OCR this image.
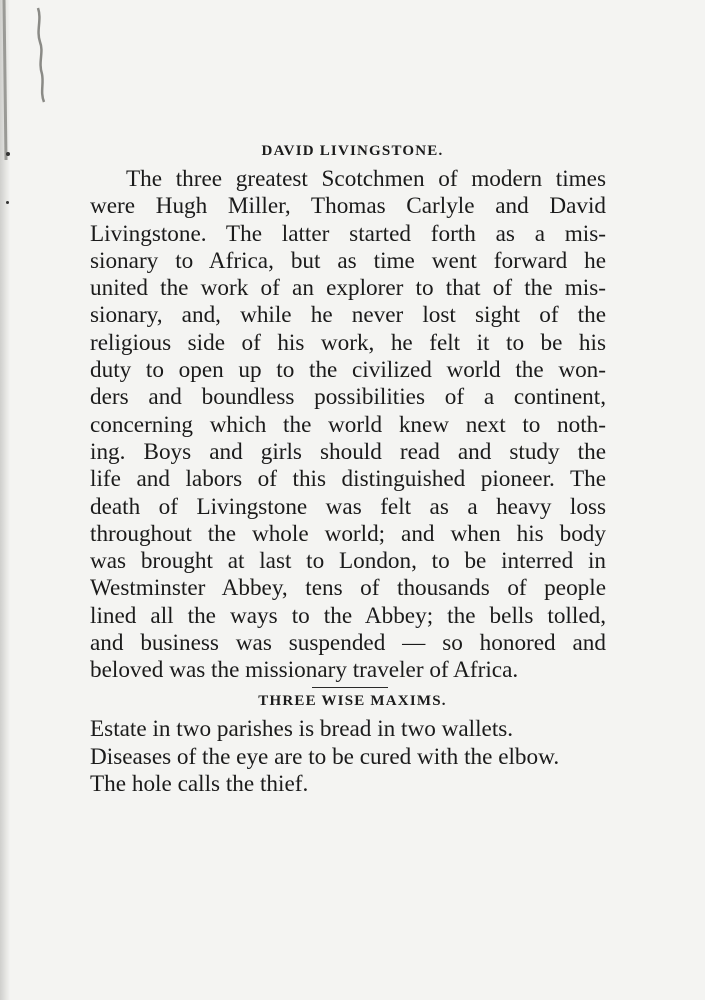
DAVID LIVINGSTONE.

The three greatest Scotchmen of modern times
were Hugh Miller, Thomas Carlyle and David
Livingstone. The latter started forth as a mis-
sionary to Africa, but as time went forward he
united the work of an explorer to that of the mis-
sionary, and, while he never lost sight of the
religious side of his work, he felt it to be his
duty to open up to the civilized world the won-
ders and boundless possibilities of a continent,
concerning which the world knew next to noth-
ing. Boys and girls should read and study the
life and labors of this distinguished pioneer. The
death of Livingstone was felt as a heavy loss
throughout the whole world; and when his body
was brought at last to London, to be interred in
Westminster Abbey, tens of thousands of people
lined all the ways to the Abbey; the bells tolled,
and business was suspended — so honored and
beloved was the missionary traveler of Africa.

THREE WISE MAXIMS.
Estate in two parishes is bread in two wallets.
Diseases of the eye are to be cured with the elbow.
The hole calls the thief.
